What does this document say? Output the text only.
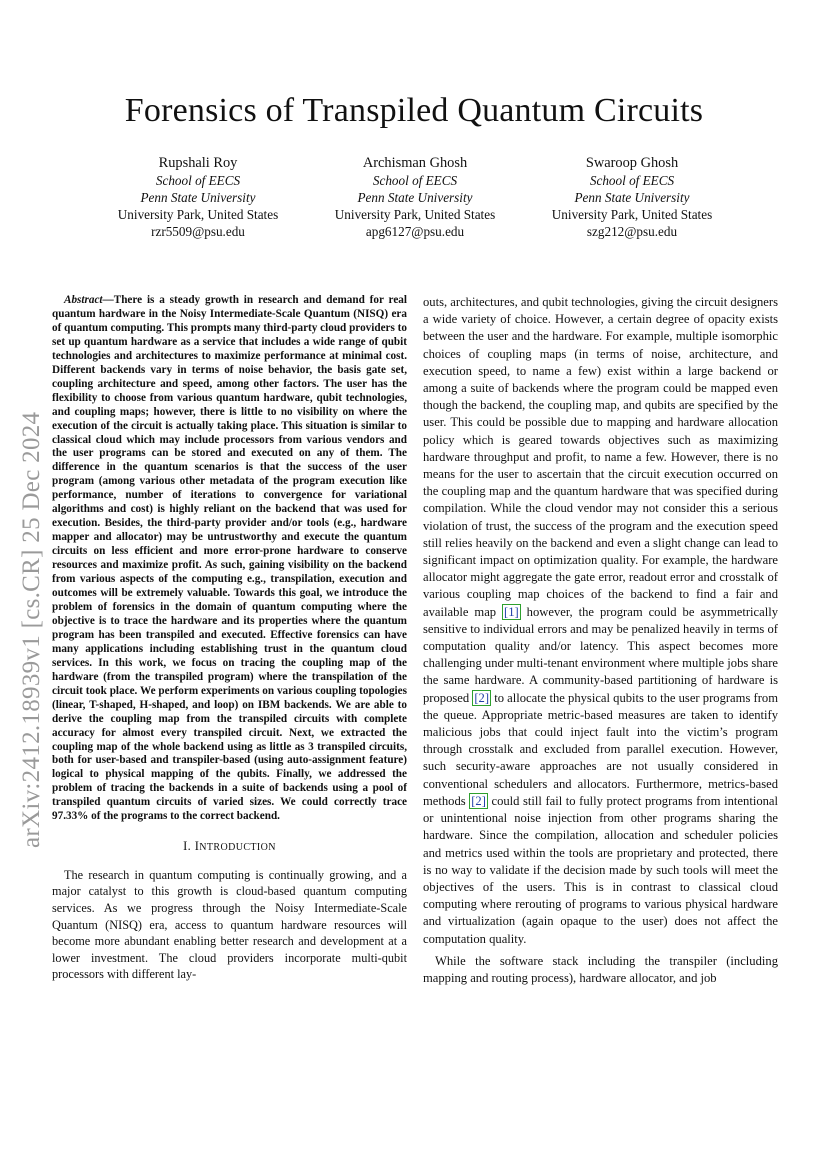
Forensics of Transpiled Quantum Circuits
Rupshali Roy
School of EECS
Penn State University
University Park, United States
rzr5509@psu.edu
Archisman Ghosh
School of EECS
Penn State University
University Park, United States
apg6127@psu.edu
Swaroop Ghosh
School of EECS
Penn State University
University Park, United States
szg212@psu.edu
arXiv:2412.18939v1 [cs.CR] 25 Dec 2024

Abstract—There is a steady growth in research and demand for real quantum hardware in the Noisy Intermediate-Scale Quantum (NISQ) era of quantum computing. This prompts many third-party cloud providers to set up quantum hardware as a service that includes a wide range of qubit technologies and architectures to maximize performance at minimal cost. Different backends vary in terms of noise behavior, the basis gate set, coupling architecture and speed, among other factors. The user has the flexibility to choose from various quantum hardware, qubit technologies, and coupling maps; however, there is little to no visibility on where the execution of the circuit is actually taking place. This situation is similar to classical cloud which may include processors from various vendors and the user programs can be stored and executed on any of them. The difference in the quantum scenarios is that the success of the user program (among various other metadata of the program execution like performance, number of iterations to convergence for variational algorithms and cost) is highly reliant on the backend that was used for execution. Besides, the third-party provider and/or tools (e.g., hardware mapper and allocator) may be untrustworthy and execute the quantum circuits on less efficient and more error-prone hardware to conserve resources and maximize profit. As such, gaining visibility on the backend from various aspects of the computing e.g., transpilation, execution and outcomes will be extremely valuable. Towards this goal, we introduce the problem of forensics in the domain of quantum computing where the objective is to trace the hardware and its properties where the quantum program has been transpiled and executed. Effective forensics can have many applications including establishing trust in the quantum cloud services. In this work, we focus on tracing the coupling map of the hardware (from the transpiled program) where the transpilation of the circuit took place. We perform experiments on various coupling topologies (linear, T-shaped, H-shaped, and loop) on IBM backends. We are able to derive the coupling map from the transpiled circuits with complete accuracy for almost every transpiled circuit. Next, we extracted the coupling map of the whole backend using as little as 3 transpiled circuits, both for user-based and transpiler-based (using auto-assignment feature) logical to physical mapping of the qubits. Finally, we addressed the problem of tracing the backends in a suite of backends using a pool of transpiled quantum circuits of varied sizes. We could correctly trace 97.33% of the programs to the correct backend.

I. INTRODUCTION

The research in quantum computing is continually growing, and a major catalyst to this growth is cloud-based quantum computing services. As we progress through the Noisy Intermediate-Scale Quantum (NISQ) era, access to quantum hardware resources will become more abundant enabling better research and development at a lower investment. The cloud providers incorporate multi-qubit processors with different lay-

outs, architectures, and qubit technologies, giving the circuit designers a wide variety of choice. However, a certain degree of opacity exists between the user and the hardware. For example, multiple isomorphic choices of coupling maps (in terms of noise, architecture, and execution speed, to name a few) exist within a large backend or among a suite of backends where the program could be mapped even though the backend, the coupling map, and qubits are specified by the user. This could be possible due to mapping and hardware allocation policy which is geared towards objectives such as maximizing hardware throughput and profit, to name a few. However, there is no means for the user to ascertain that the circuit execution occurred on the coupling map and the quantum hardware that was specified during compilation. While the cloud vendor may not consider this a serious violation of trust, the success of the program and the execution speed still relies heavily on the backend and even a slight change can lead to significant impact on optimization quality. For example, the hardware allocator might aggregate the gate error, readout error and crosstalk of various coupling map choices of the backend to find a fair and available map [1] however, the program could be asymmetrically sensitive to individual errors and may be penalized heavily in terms of computation quality and/or latency. This aspect becomes more challenging under multi-tenant environment where multiple jobs share the same hardware. A community-based partitioning of hardware is proposed [2] to allocate the physical qubits to the user programs from the queue. Appropriate metric-based measures are taken to identify malicious jobs that could inject fault into the victim’s program through crosstalk and excluded from parallel execution. However, such security-aware approaches are not usually considered in conventional schedulers and allocators. Furthermore, metrics-based methods [2] could still fail to fully protect programs from intentional or unintentional noise injection from other programs sharing the hardware. Since the compilation, allocation and scheduler policies and metrics used within the tools are proprietary and protected, there is no way to validate if the decision made by such tools will meet the objectives of the users. This is in contrast to classical cloud computing where rerouting of programs to various physical hardware and virtualization (again opaque to the user) does not affect the computation quality.

While the software stack including the transpiler (including mapping and routing process), hardware allocator, and job
